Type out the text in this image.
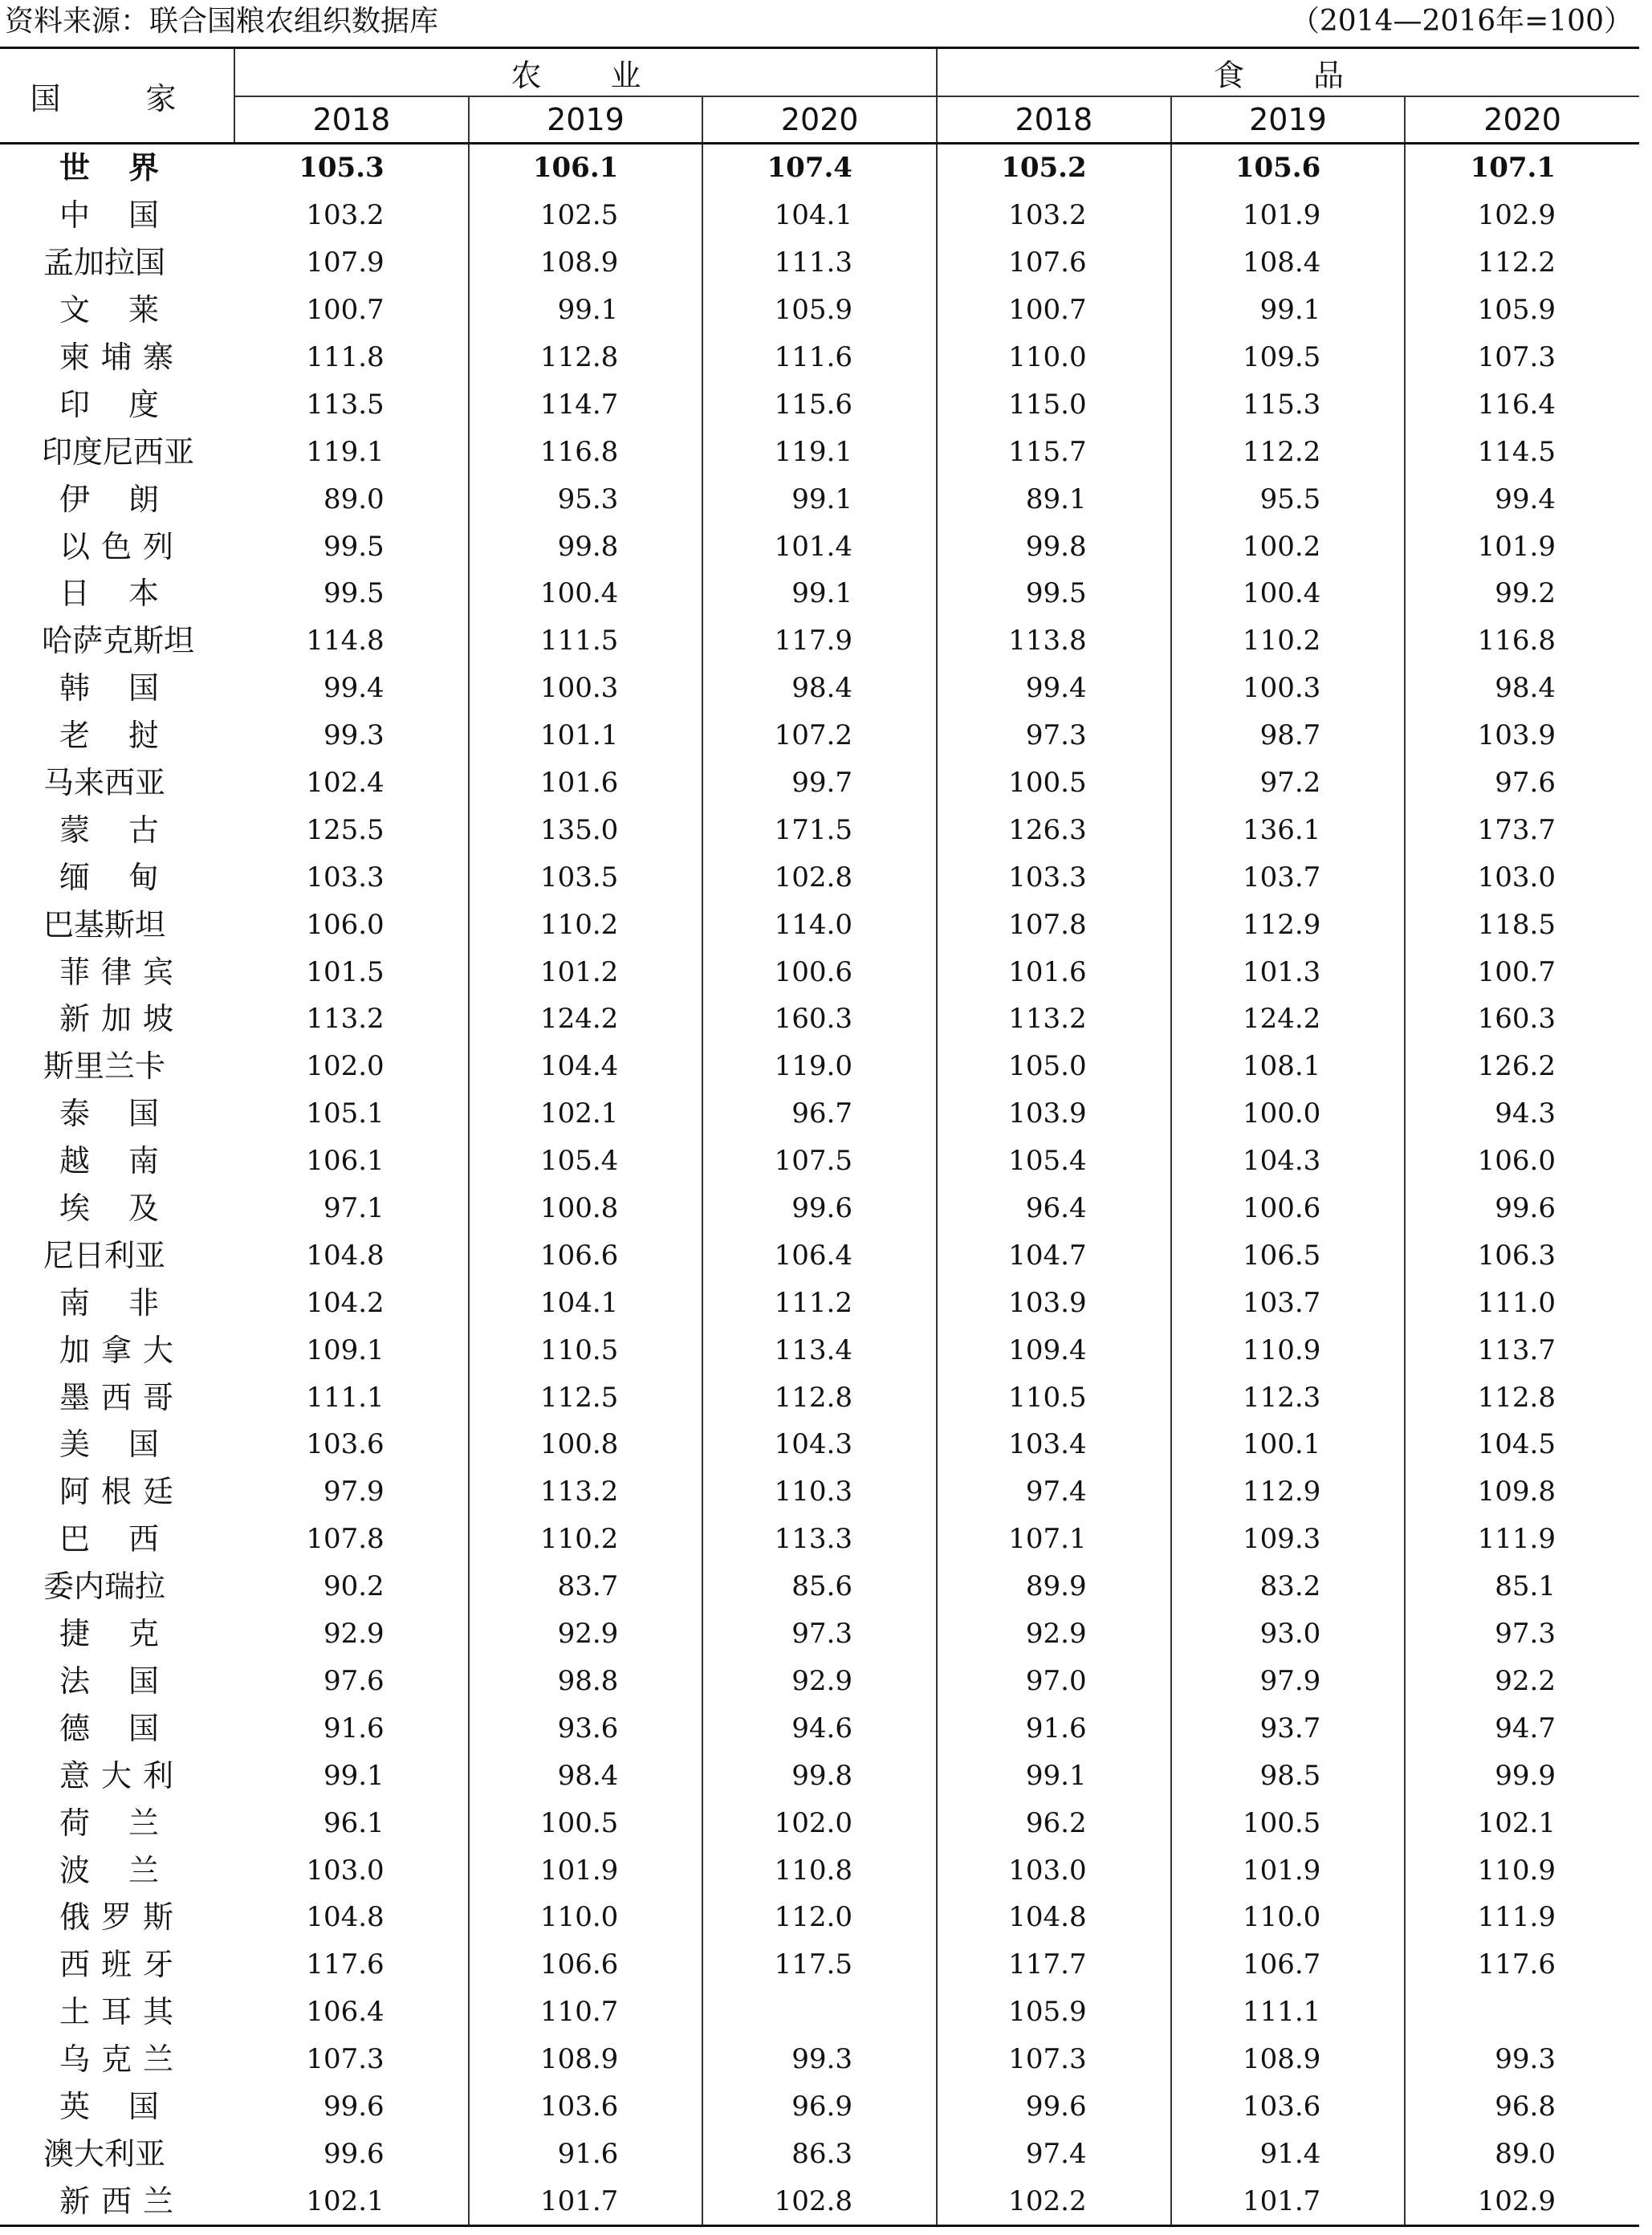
资料来源：联合国粮农组织数据库	（2014—2016年=100）
国　家	农　业			食　品		
	2018	2019	2020	2018	2019	2020
世界	105.3	106.1	107.4	105.2	105.6	107.1
中国	103.2	102.5	104.1	103.2	101.9	102.9
孟加拉国	107.9	108.9	111.3	107.6	108.4	112.2
文莱	100.7	99.1	105.9	100.7	99.1	105.9
柬埔寨	111.8	112.8	111.6	110.0	109.5	107.3
印度	113.5	114.7	115.6	115.0	115.3	116.4
印度尼西亚	119.1	116.8	119.1	115.7	112.2	114.5
伊朗	89.0	95.3	99.1	89.1	95.5	99.4
以色列	99.5	99.8	101.4	99.8	100.2	101.9
日本	99.5	100.4	99.1	99.5	100.4	99.2
哈萨克斯坦	114.8	111.5	117.9	113.8	110.2	116.8
韩国	99.4	100.3	98.4	99.4	100.3	98.4
老挝	99.3	101.1	107.2	97.3	98.7	103.9
马来西亚	102.4	101.6	99.7	100.5	97.2	97.6
蒙古	125.5	135.0	171.5	126.3	136.1	173.7
缅甸	103.3	103.5	102.8	103.3	103.7	103.0
巴基斯坦	106.0	110.2	114.0	107.8	112.9	118.5
菲律宾	101.5	101.2	100.6	101.6	101.3	100.7
新加坡	113.2	124.2	160.3	113.2	124.2	160.3
斯里兰卡	102.0	104.4	119.0	105.0	108.1	126.2
泰国	105.1	102.1	96.7	103.9	100.0	94.3
越南	106.1	105.4	107.5	105.4	104.3	106.0
埃及	97.1	100.8	99.6	96.4	100.6	99.6
尼日利亚	104.8	106.6	106.4	104.7	106.5	106.3
南非	104.2	104.1	111.2	103.9	103.7	111.0
加拿大	109.1	110.5	113.4	109.4	110.9	113.7
墨西哥	111.1	112.5	112.8	110.5	112.3	112.8
美国	103.6	100.8	104.3	103.4	100.1	104.5
阿根廷	97.9	113.2	110.3	97.4	112.9	109.8
巴西	107.8	110.2	113.3	107.1	109.3	111.9
委内瑞拉	90.2	83.7	85.6	89.9	83.2	85.1
捷克	92.9	92.9	97.3	92.9	93.0	97.3
法国	97.6	98.8	92.9	97.0	97.9	92.2
德国	91.6	93.6	94.6	91.6	93.7	94.7
意大利	99.1	98.4	99.8	99.1	98.5	99.9
荷兰	96.1	100.5	102.0	96.2	100.5	102.1
波兰	103.0	101.9	110.8	103.0	101.9	110.9
俄罗斯	104.8	110.0	112.0	104.8	110.0	111.9
西班牙	117.6	106.6	117.5	117.7	106.7	117.6
土耳其	106.4	110.7		105.9	111.1	
乌克兰	107.3	108.9	99.3	107.3	108.9	99.3
英国	99.6	103.6	96.9	99.6	103.6	96.8
澳大利亚	99.6	91.6	86.3	97.4	91.4	89.0
新西兰	102.1	101.7	102.8	102.2	101.7	102.9
